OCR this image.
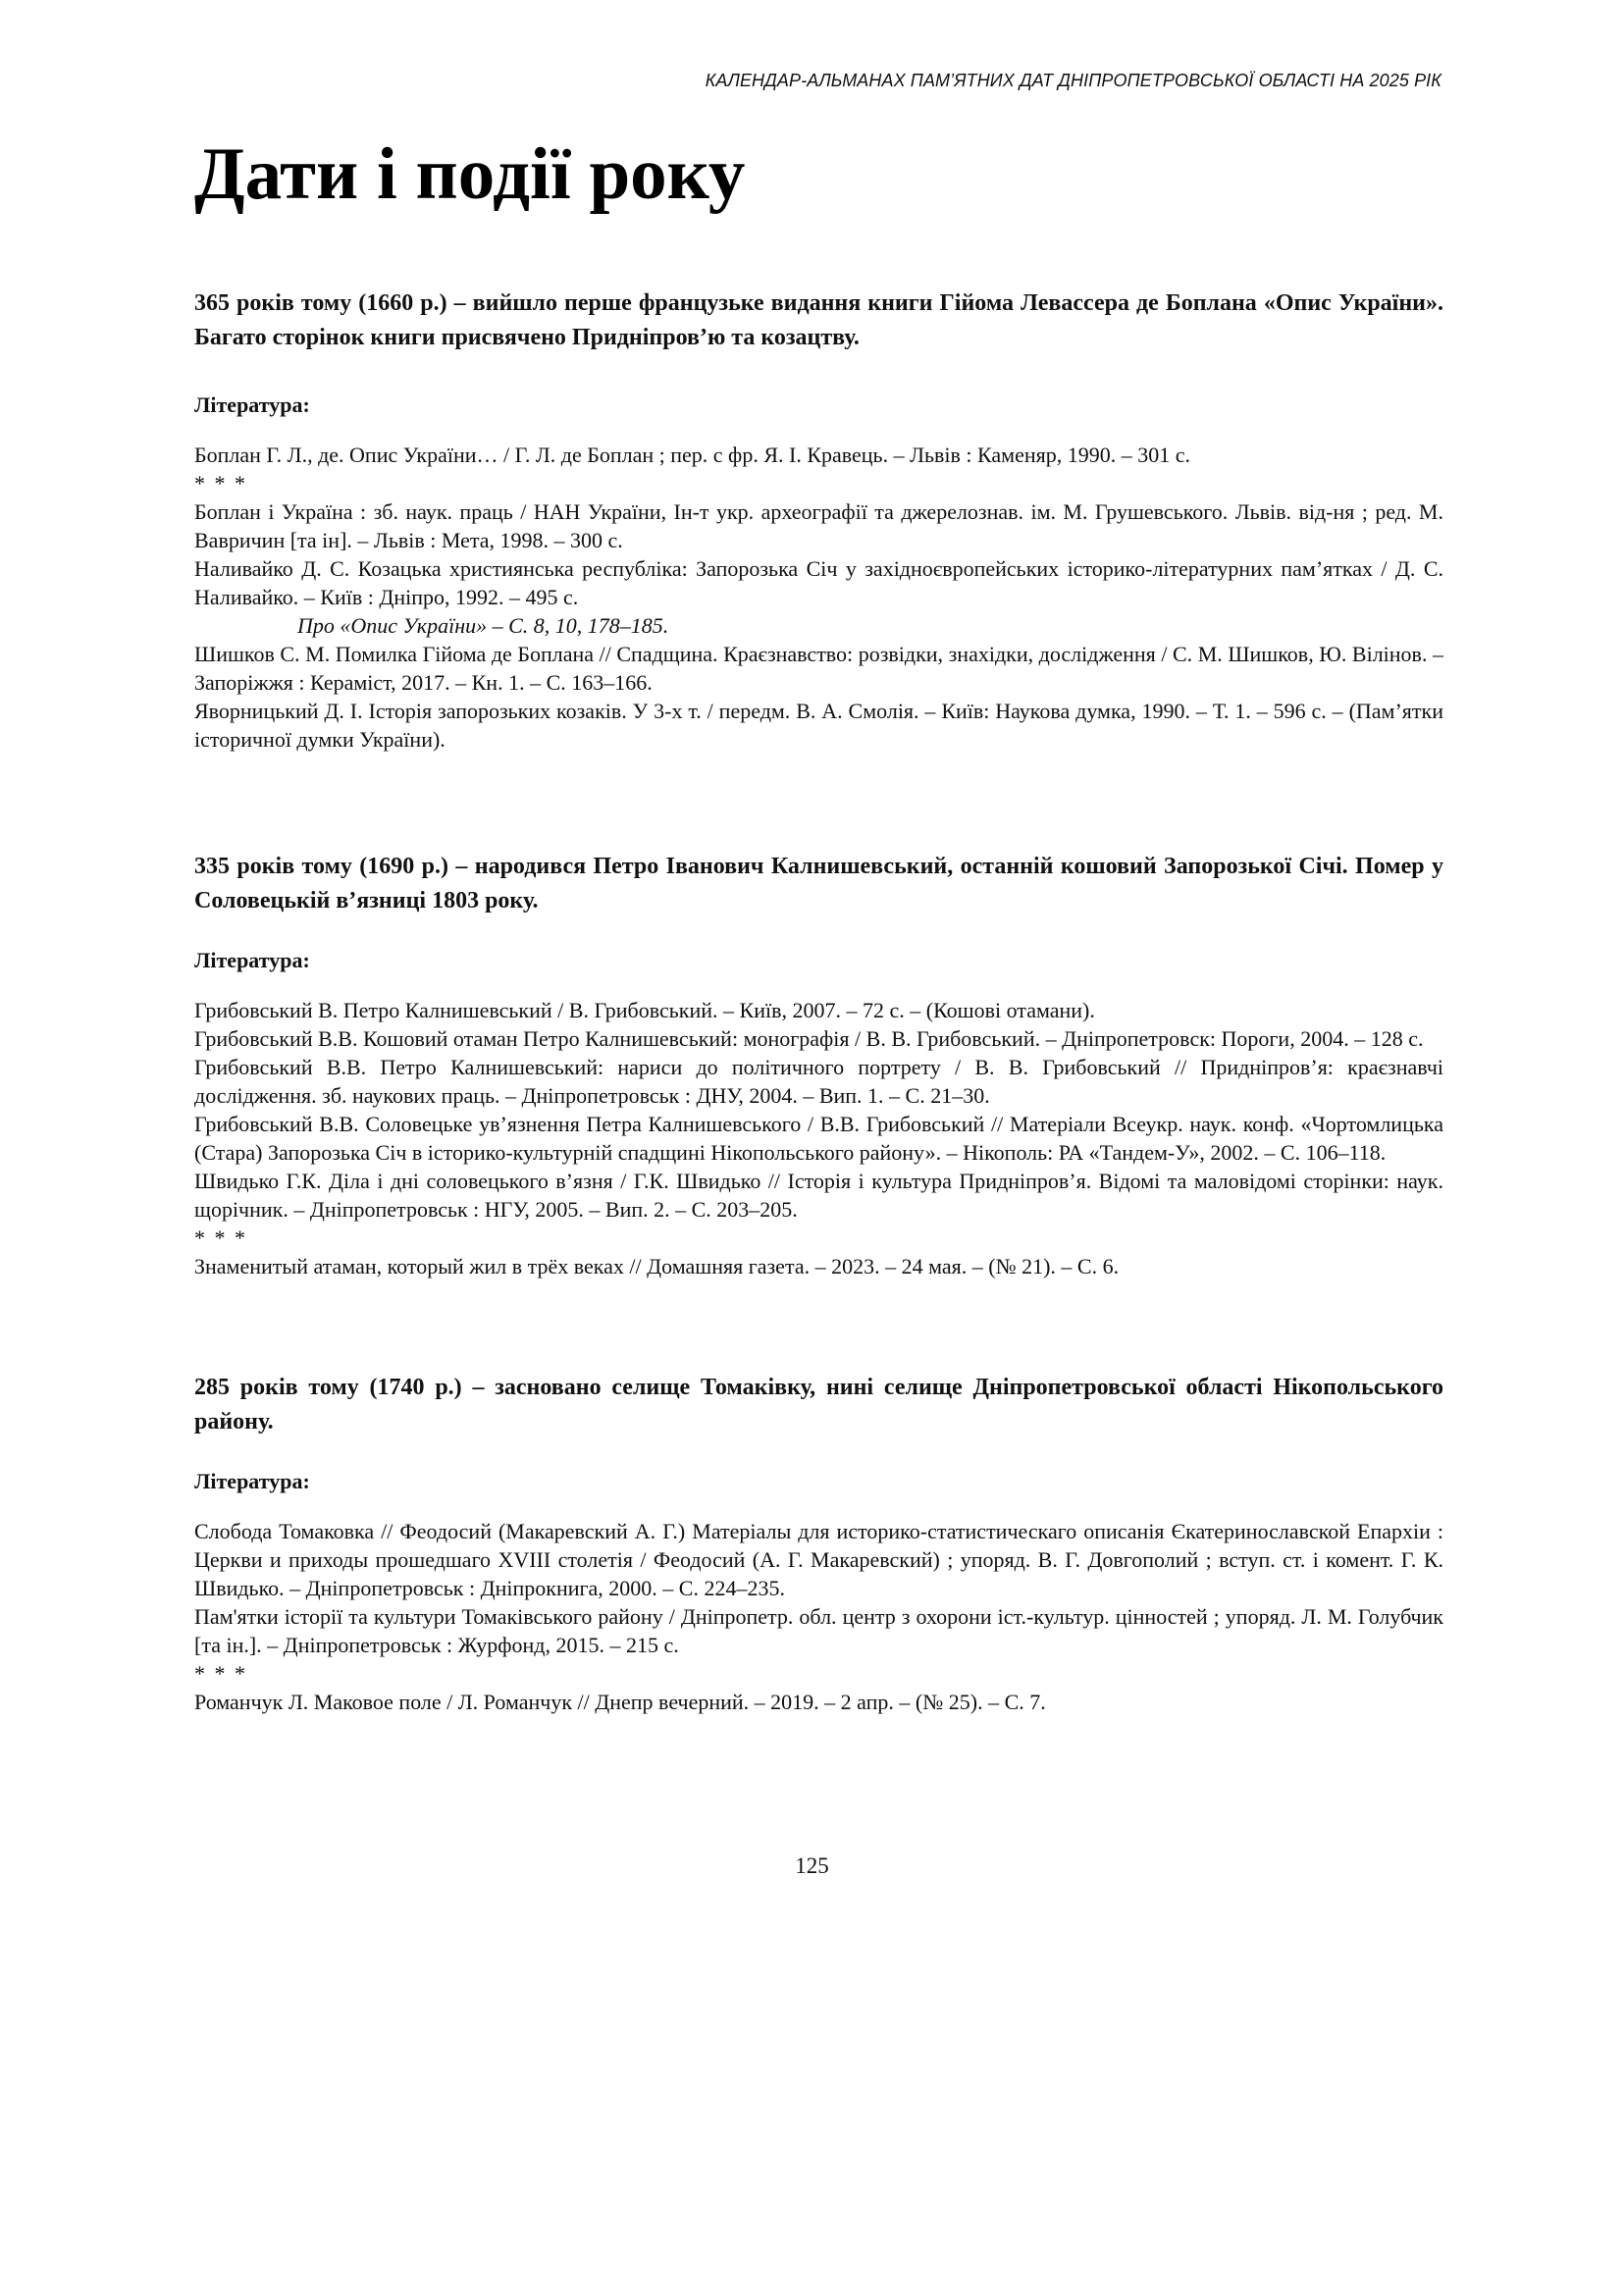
КАЛЕНДАР-АЛЬМАНАХ ПАМ’ЯТНИХ ДАТ ДНІПРОПЕТРОВСЬКОЇ ОБЛАСТІ НА 2025 РІК
Дати і події року

365 років тому (1660 р.) – вийшло перше французьке видання книги Гійома Левассера де Боплана «Опис України». Багато сторінок книги присвячено Придніпров’ю та козацтву.

Література:

Боплан Г. Л., де. Опис України… / Г. Л. де Боплан ; пер. с фр. Я. І. Кравець. – Львів : Каменяр, 1990. – 301 с.

* * *

Боплан і Україна : зб. наук. праць / НАН України, Ін-т укр. археографії та джерелознав. ім. М. Грушевського. Львів. від-ня ; ред. М. Вавричин [та ін]. – Львів : Мета, 1998. – 300 с.

Наливайко Д. С. Козацька християнська республіка: Запорозька Січ у західноєвропейських історико-літературних пам’ятках / Д. С. Наливайко. – Київ : Дніпро, 1992. – 495 с.

Про «Опис України» – С. 8, 10, 178–185.

Шишков С. М. Помилка Гійома де Боплана // Спадщина. Краєзнавство: розвідки, знахідки, дослідження / С. М. Шишков, Ю. Вілінов. – Запоріжжя : Кераміст, 2017. – Кн. 1. – С. 163–166.

Яворницький Д. І. Історія запорозьких козаків. У 3-х т. / передм. В. А. Смолія. – Київ: Наукова думка, 1990. – Т. 1. – 596 с. – (Пам’ятки історичної думки України).

335 років тому (1690 р.) – народився Петро Іванович Калнишевський, останній кошовий Запорозької Січі. Помер у Соловецькій в’язниці 1803 року.

Література:

Грибовський В. Петро Калнишевський / В. Грибовський. – Київ, 2007. – 72 с. – (Кошові отамани).

Грибовський В.В. Кошовий отаман Петро Калнишевський: монографія / В. В. Грибовський. – Дніпропетровск: Пороги, 2004. – 128 с.

Грибовський В.В. Петро Калнишевський: нариси до політичного портрету / В. В. Грибовський // Придніпров’я: краєзнавчі дослідження. зб. наукових праць. – Дніпропетровськ : ДНУ, 2004. – Вип. 1. – С. 21–30.

Грибовський В.В. Соловецьке ув’язнення Петра Калнишевського / В.В. Грибовський // Матеріали Всеукр. наук. конф. «Чортомлицька (Стара) Запорозька Січ в історико-культурній спадщині Нікопольського району». – Нікополь: РА «Тандем-У», 2002. – С. 106–118.

Швидько Г.К. Діла і дні соловецького в’язня / Г.К. Швидько // Історія і культура Придніпров’я. Відомі та маловідомі сторінки: наук. щорічник. – Дніпропетровськ : НГУ, 2005. – Вип. 2. – С. 203–205.

* * *

Знаменитый атаман, который жил в трёх веках // Домашняя газета. – 2023. – 24 мая. – (№ 21). – С. 6.

285 років тому (1740 р.) – засновано селище Томаківку, нині селище Дніпропетровської області Нікопольського району.

Література:

Слобода Томаковка // Феодосий (Макаревский А. Г.) Матеріалы для историко-статистическаго описанія Єкатеринославской Епархіи : Церкви и приходы прошедшаго XVIII столетія / Феодосий (А. Г. Макаревский) ; упоряд. В. Г. Довгополий ; вступ. ст. і комент. Г. К. Швидько. – Дніпропетровськ : Дніпрокнига, 2000. – С. 224–235.

Пам'ятки історії та культури Томаківського району / Дніпропетр. обл. центр з охорони іст.-культур. цінностей ; упоряд. Л. М. Голубчик [та ін.]. – Дніпропетровськ : Журфонд, 2015. – 215 с.

* * *

Романчук Л. Маковое поле / Л. Романчук // Днепр вечерний. – 2019. – 2 апр. – (№ 25). – С. 7.

125
